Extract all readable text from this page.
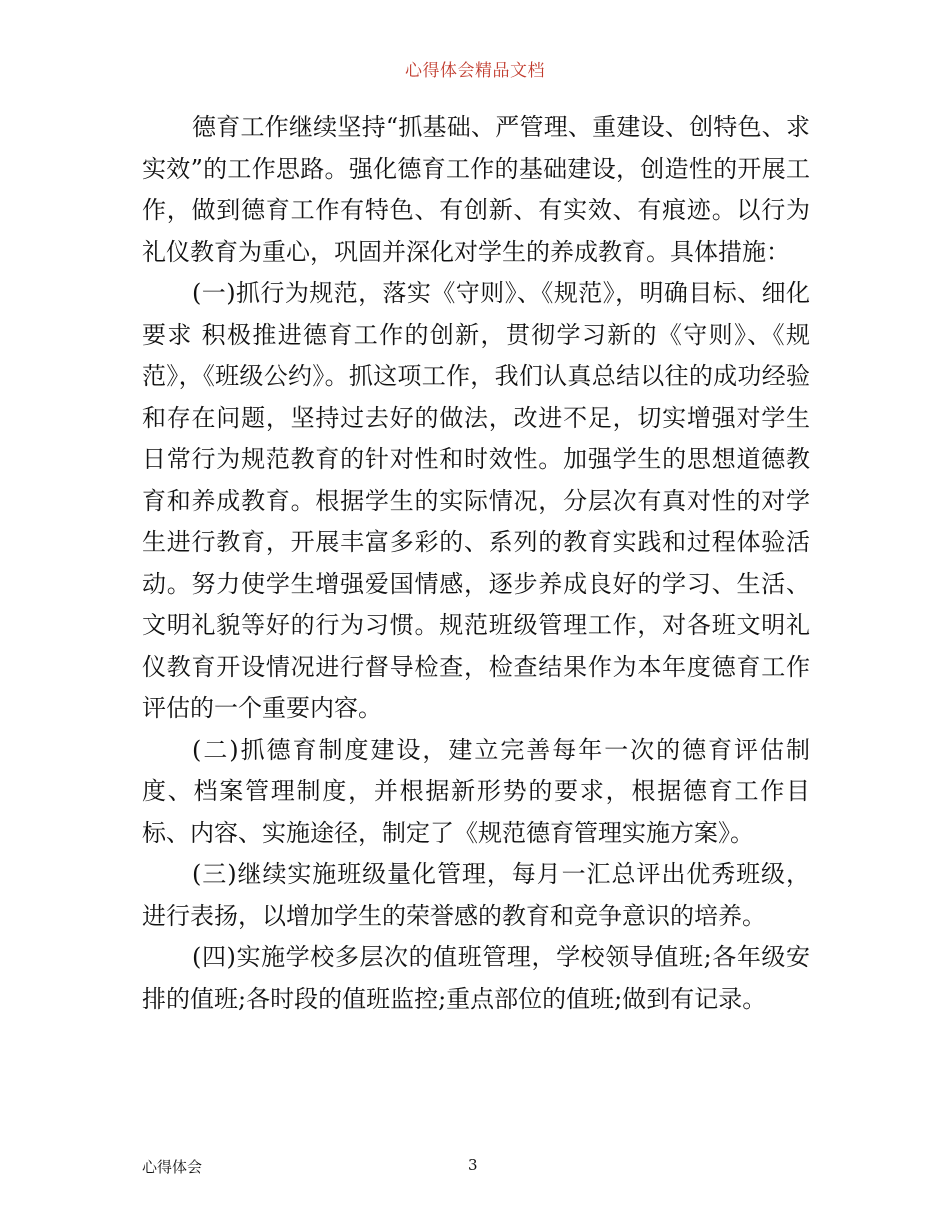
心得体会精品文档

德育工作继续坚持“抓基础、严管理、重建设、创特色、求实效”的工作思路。强化德育工作的基础建设，创造性的开展工作，做到德育工作有特色、有创新、有实效、有痕迹。以行为礼仪教育为重心，巩固并深化对学生的养成教育。具体措施：

(一)抓行为规范，落实《守则》、《规范》，明确目标、细化要求 积极推进德育工作的创新，贯彻学习新的《守则》、《规范》，《班级公约》。抓这项工作，我们认真总结以往的成功经验和存在问题，坚持过去好的做法，改进不足，切实增强对学生日常行为规范教育的针对性和时效性。加强学生的思想道德教育和养成教育。根据学生的实际情况，分层次有真对性的对学生进行教育，开展丰富多彩的、系列的教育实践和过程体验活动。努力使学生增强爱国情感，逐步养成良好的学习、生活、文明礼貌等好的行为习惯。规范班级管理工作，对各班文明礼仪教育开设情况进行督导检查，检查结果作为本年度德育工作评估的一个重要内容。

(二)抓德育制度建设，建立完善每年一次的德育评估制度、档案管理制度，并根据新形势的要求，根据德育工作目标、内容、实施途径，制定了《规范德育管理实施方案》。

(三)继续实施班级量化管理，每月一汇总评出优秀班级，进行表扬，以增加学生的荣誉感的教育和竞争意识的培养。

(四)实施学校多层次的值班管理，学校领导值班;各年级安排的值班;各时段的值班监控;重点部位的值班;做到有记录。

心得体会	3
